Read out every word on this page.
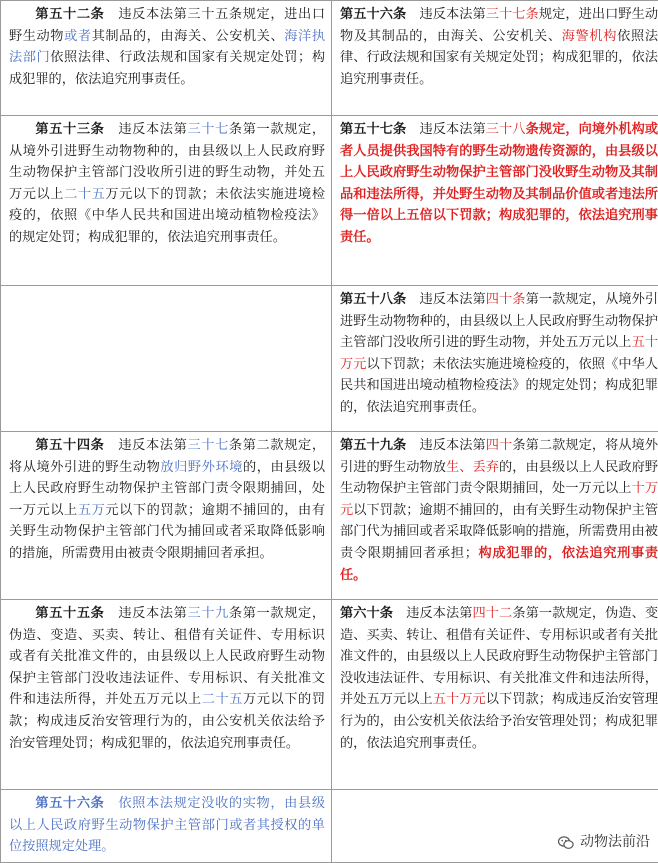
第五十二条　违反本法第三十五条规定，进出口野生动物或者其制品的，由海关、公安机关、海洋执法部门依照法律、行政法规和国家有关规定处罚；构成犯罪的，依法追究刑事责任。	第五十六条　违反本法第三十七条规定，进出口野生动物及其制品的，由海关、公安机关、海警机构依照法律、行政法规和国家有关规定处罚；构成犯罪的，依法追究刑事责任。
第五十三条　违反本法第三十七条第一款规定，从境外引进野生动物物种的，由县级以上人民政府野生动物保护主管部门没收所引进的野生动物，并处五万元以上二十五万元以下的罚款；未依法实施进境检疫的，依照《中华人民共和国进出境动植物检疫法》的规定处罚；构成犯罪的，依法追究刑事责任。	第五十七条　违反本法第三十八条规定，向境外机构或者人员提供我国特有的野生动物遗传资源的，由县级以上人民政府野生动物保护主管部门没收野生动物及其制品和违法所得，并处野生动物及其制品价值或者违法所得一倍以上五倍以下罚款；构成犯罪的，依法追究刑事责任。
	第五十八条　违反本法第四十条第一款规定，从境外引进野生动物物种的，由县级以上人民政府野生动物保护主管部门没收所引进的野生动物，并处五万元以上五十万元以下罚款；未依法实施进境检疫的，依照《中华人民共和国进出境动植物检疫法》的规定处罚；构成犯罪的，依法追究刑事责任。
第五十四条　违反本法第三十七条第二款规定，将从境外引进的野生动物放归野外环境的，由县级以上人民政府野生动物保护主管部门责令限期捕回，处一万元以上五万元以下的罚款；逾期不捕回的，由有关野生动物保护主管部门代为捕回或者采取降低影响的措施，所需费用由被责令限期捕回者承担。	第五十九条　违反本法第四十条第二款规定，将从境外引进的野生动物放生、丢弃的，由县级以上人民政府野生动物保护主管部门责令限期捕回，处一万元以上十万元以下罚款；逾期不捕回的，由有关野生动物保护主管部门代为捕回或者采取降低影响的措施，所需费用由被责令限期捕回者承担；构成犯罪的，依法追究刑事责任。
第五十五条　违反本法第三十九条第一款规定，伪造、变造、买卖、转让、租借有关证件、专用标识或者有关批准文件的，由县级以上人民政府野生动物保护主管部门没收违法证件、专用标识、有关批准文件和违法所得，并处五万元以上二十五万元以下的罚款；构成违反治安管理行为的，由公安机关依法给予治安管理处罚；构成犯罪的，依法追究刑事责任。	第六十条　违反本法第四十二条第一款规定，伪造、变造、买卖、转让、租借有关证件、专用标识或者有关批准文件的，由县级以上人民政府野生动物保护主管部门没收违法证件、专用标识、有关批准文件和违法所得，并处五万元以上五十万元以下罚款；构成违反治安管理行为的，由公安机关依法给予治安管理处罚；构成犯罪的，依法追究刑事责任。
第五十六条　依照本法规定没收的实物，由县级以上人民政府野生动物保护主管部门或者其授权的单位按照规定处理。	动物法前沿
